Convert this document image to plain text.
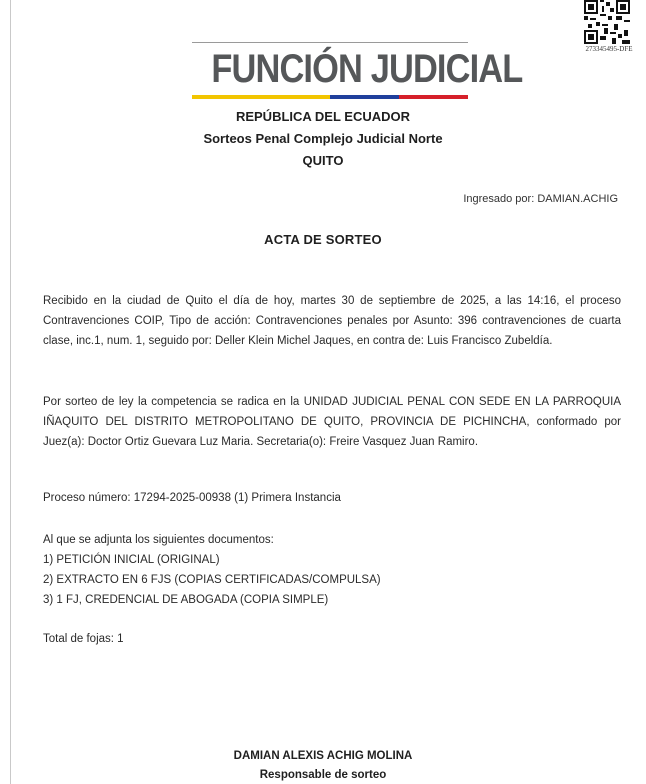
273345495-DFE
FUNCIÓN JUDICIAL
REPÚBLICA DEL ECUADOR
Sorteos Penal Complejo Judicial Norte
QUITO
Ingresado por: DAMIAN.ACHIG
ACTA DE SORTEO
Recibido en la ciudad de Quito el día de hoy, martes 30 de septiembre de 2025, a las 14:16, el proceso Contravenciones COIP, Tipo de acción: Contravenciones penales por Asunto: 396 contravenciones de cuarta clase, inc.1, num. 1, seguido por: Deller Klein Michel Jaques, en contra de: Luis Francisco Zubeldía.
Por sorteo de ley la competencia se radica en la UNIDAD JUDICIAL PENAL CON SEDE EN LA PARROQUIA IÑAQUITO DEL DISTRITO METROPOLITANO DE QUITO, PROVINCIA DE PICHINCHA, conformado por Juez(a): Doctor Ortiz Guevara Luz Maria. Secretaria(o): Freire Vasquez Juan Ramiro.
Proceso número: 17294-2025-00938 (1) Primera Instancia
Al que se adjunta los siguientes documentos:
1) PETICIÓN INICIAL (ORIGINAL)
2) EXTRACTO EN 6 FJS (COPIAS CERTIFICADAS/COMPULSA)
3) 1 FJ, CREDENCIAL DE ABOGADA (COPIA SIMPLE)
Total de fojas: 1
DAMIAN ALEXIS ACHIG MOLINA
Responsable de sorteo
